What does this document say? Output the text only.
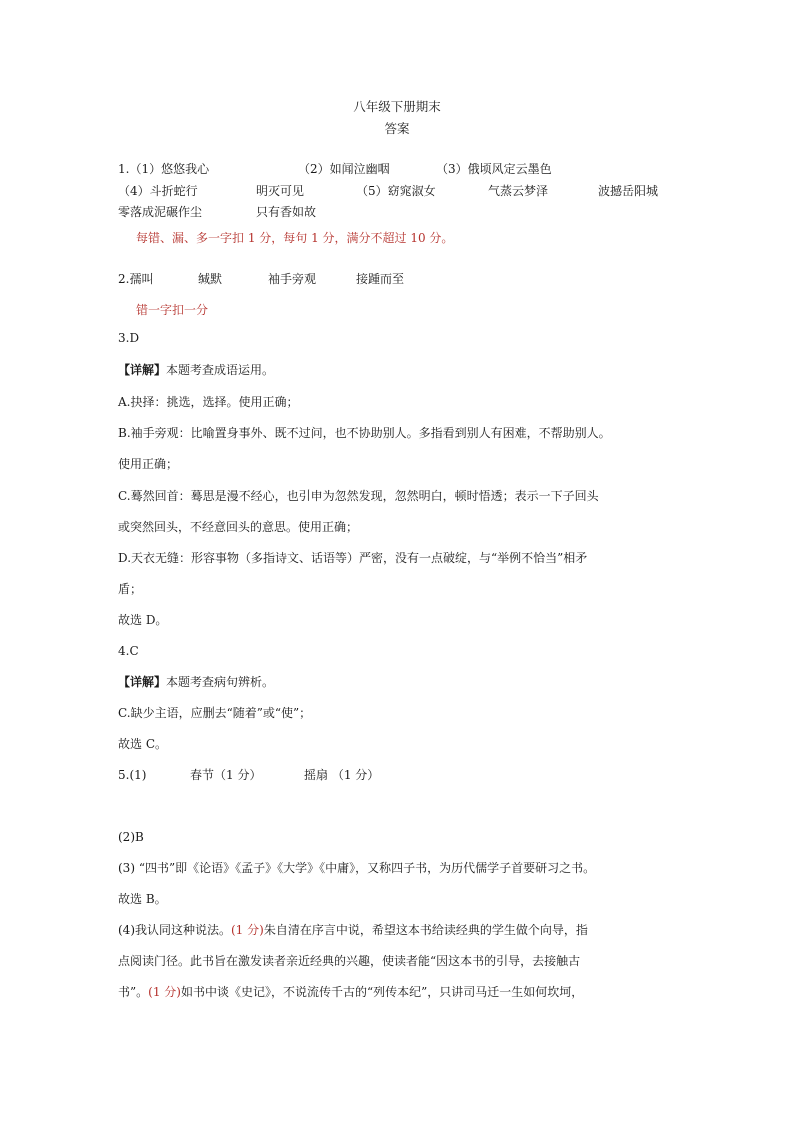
八年级下册期末
答案
1.（1）悠悠我心	（2）如闻泣幽咽	（3）俄顷风定云墨色
（4）斗折蛇行	明灭可见	（5）窈窕淑女	气蒸云梦泽	波撼岳阳城
零落成泥碾作尘	只有香如故
每错、漏、多一字扣 1 分，每句 1 分，满分不超过 10 分。
2.孺叫	缄默	袖手旁观	接踵而至
错一字扣一分
3.D
【详解】本题考查成语运用。
A.抉择：挑选，选择。使用正确；
B.袖手旁观：比喻置身事外、既不过问，也不协助别人。多指看到别人有困难，不帮助别人。
使用正确；
C.蓦然回首：蓦思是漫不经心，也引申为忽然发现，忽然明白，顿时悟透；表示一下子回头
或突然回头，不经意回头的意思。使用正确；
D.天衣无缝：形容事物（多指诗文、话语等）严密，没有一点破绽，与“举例不恰当”相矛
盾；
故选 D。
4.C
【详解】本题考查病句辨析。
C.缺少主语，应删去“随着”或“使”；
故选 C。
5.(1)	春节（1 分）	摇扇 （1 分）
(2)B
(3) “四书”即《论语》《孟子》《大学》《中庸》，又称四子书，为历代儒学子首要研习之书。
故选 B。
(4)我认同这种说法。(1 分)朱自清在序言中说，希望这本书给读经典的学生做个向导，指
点阅读门径。此书旨在激发读者亲近经典的兴趣，使读者能“因这本书的引导，去接触古
书”。(1 分)如书中谈《史记》，不说流传千古的“列传本纪”，只讲司马迁一生如何坎坷，
